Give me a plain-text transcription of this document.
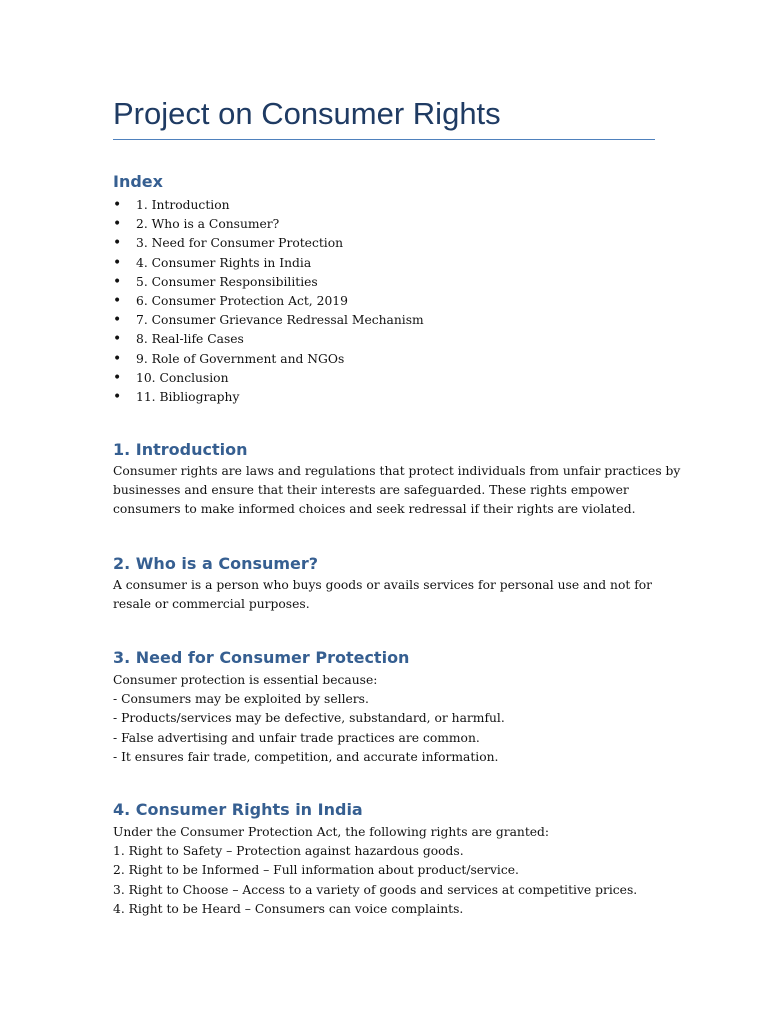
Project on Consumer Rights
Index
• 1. Introduction
• 2. Who is a Consumer?
• 3. Need for Consumer Protection
• 4. Consumer Rights in India
• 5. Consumer Responsibilities
• 6. Consumer Protection Act, 2019
• 7. Consumer Grievance Redressal Mechanism
• 8. Real-life Cases
• 9. Role of Government and NGOs
• 10. Conclusion
• 11. Bibliography
1. Introduction
Consumer rights are laws and regulations that protect individuals from unfair practices by
businesses and ensure that their interests are safeguarded. These rights empower
consumers to make informed choices and seek redressal if their rights are violated.
2. Who is a Consumer?
A consumer is a person who buys goods or avails services for personal use and not for
resale or commercial purposes.
3. Need for Consumer Protection
Consumer protection is essential because:
- Consumers may be exploited by sellers.
- Products/services may be defective, substandard, or harmful.
- False advertising and unfair trade practices are common.
- It ensures fair trade, competition, and accurate information.
4. Consumer Rights in India
Under the Consumer Protection Act, the following rights are granted:
1. Right to Safety – Protection against hazardous goods.
2. Right to be Informed – Full information about product/service.
3. Right to Choose – Access to a variety of goods and services at competitive prices.
4. Right to be Heard – Consumers can voice complaints.
